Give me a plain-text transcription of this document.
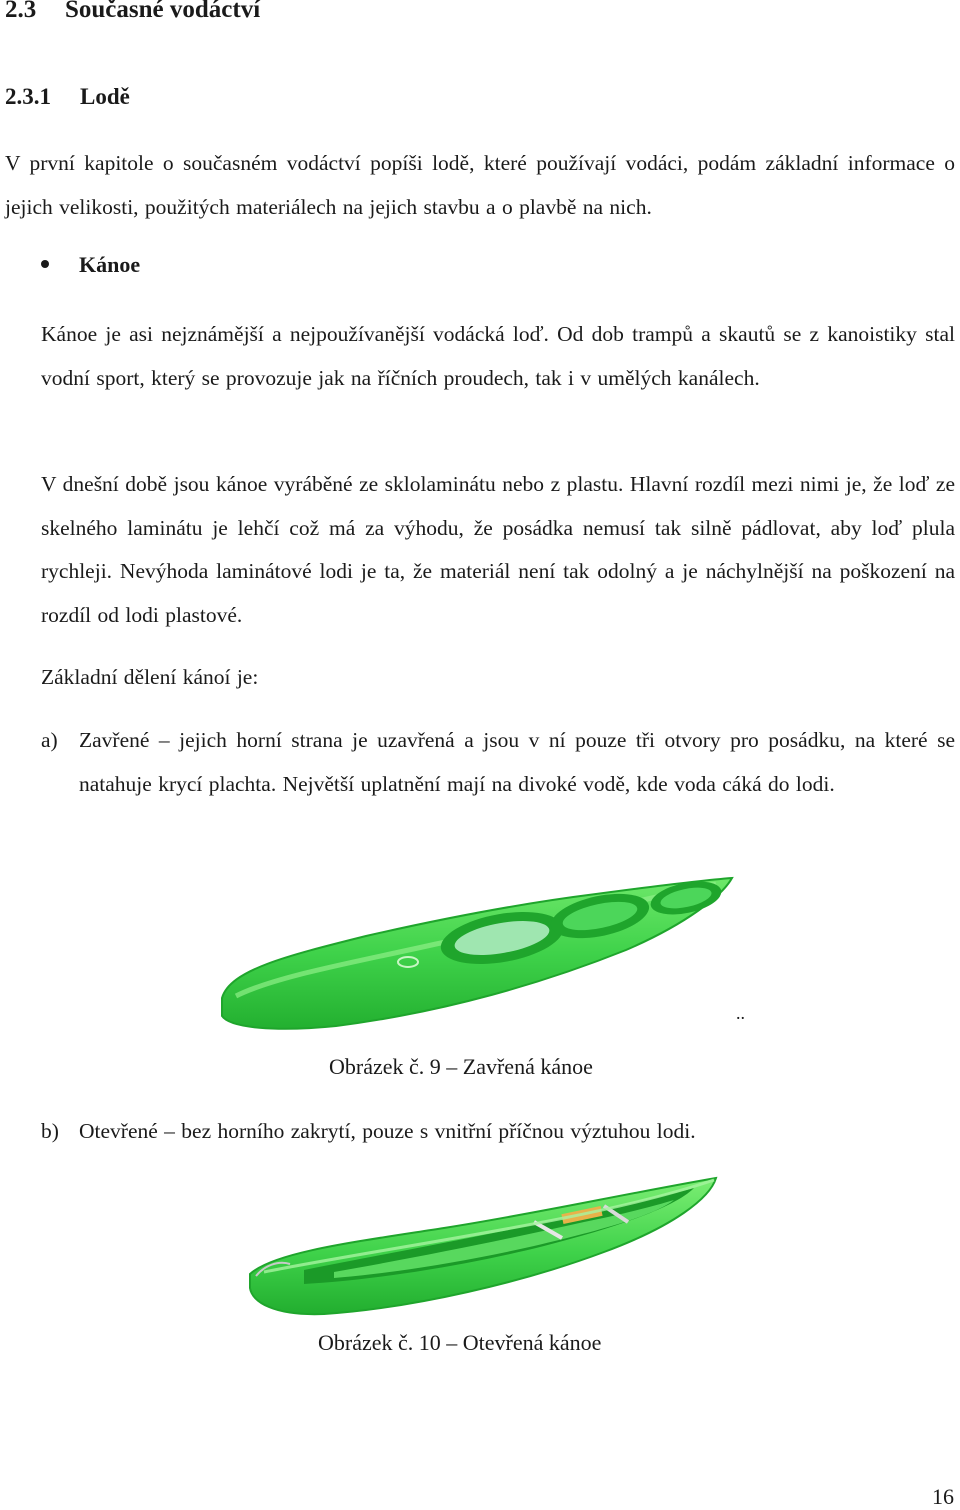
2.3 Současné vodáctví
2.3.1 Lodě
V první kapitole o současném vodáctví popíši lodě, které používají vodáci, podám základní informace o jejich velikosti, použitých materiálech na jejich stavbu a o plavbě na nich.
Kánoe
Kánoe je asi nejznámější a nejpoužívanější vodácká loď. Od dob trampů a skautů se z kanoistiky stal vodní sport, který se provozuje jak na říčních proudech, tak i v umělých kanálech.
V dnešní době jsou kánoe vyráběné ze sklolaminátu nebo z plastu. Hlavní rozdíl mezi nimi je, že loď ze skelného laminátu je lehčí což má za výhodu, že posádka nemusí tak silně pádlovat, aby loď plula rychleji. Nevýhoda laminátové lodi je ta, že materiál není tak odolný a je náchylnější na poškození na rozdíl od lodi plastové.
Základní dělení kánoí je:
a) Zavřené – jejich horní strana je uzavřená a jsou v ní pouze tři otvory pro posádku, na které se natahuje krycí plachta. Největší uplatnění mají na divoké vodě, kde voda cáká do lodi.
..
Obrázek č. 9 – Zavřená kánoe
b) Otevřené – bez horního zakrytí, pouze s vnitřní příčnou výztuhou lodi.
Obrázek č. 10 – Otevřená kánoe
16
